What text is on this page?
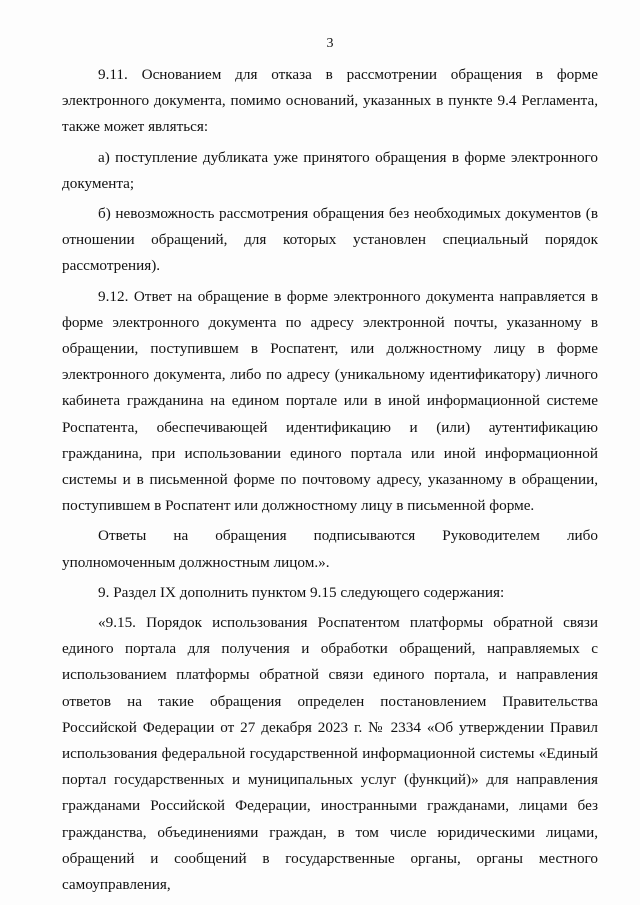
3

9.11. Основанием для отказа в рассмотрении обращения в форме электронного документа, помимо оснований, указанных в пункте 9.4 Регламента, также может являться:

а) поступление дубликата уже принятого обращения в форме электронного документа;

б) невозможность рассмотрения обращения без необходимых документов (в отношении обращений, для которых установлен специальный порядок рассмотрения).

9.12. Ответ на обращение в форме электронного документа направляется в форме электронного документа по адресу электронной почты, указанному в обращении, поступившем в Роспатент, или должностному лицу в форме электронного документа, либо по адресу (уникальному идентификатору) личного кабинета гражданина на едином портале или в иной информационной системе Роспатента, обеспечивающей идентификацию и (или) аутентификацию гражданина, при использовании единого портала или иной информационной системы и в письменной форме по почтовому адресу, указанному в обращении, поступившем в Роспатент или должностному лицу в письменной форме.

Ответы на обращения подписываются Руководителем либо уполномоченным должностным лицом.».

9. Раздел IX дополнить пунктом 9.15 следующего содержания:

«9.15. Порядок использования Роспатентом платформы обратной связи единого портала для получения и обработки обращений, направляемых с использованием платформы обратной связи единого портала, и направления ответов на такие обращения определен постановлением Правительства Российской Федерации от 27 декабря 2023 г. № 2334 «Об утверждении Правил использования федеральной государственной информационной системы «Единый портал государственных и муниципальных услуг (функций)» для направления гражданами Российской Федерации, иностранными гражданами, лицами без гражданства, объединениями граждан, в том числе юридическими лицами, обращений и сообщений в государственные органы, органы местного самоуправления,
